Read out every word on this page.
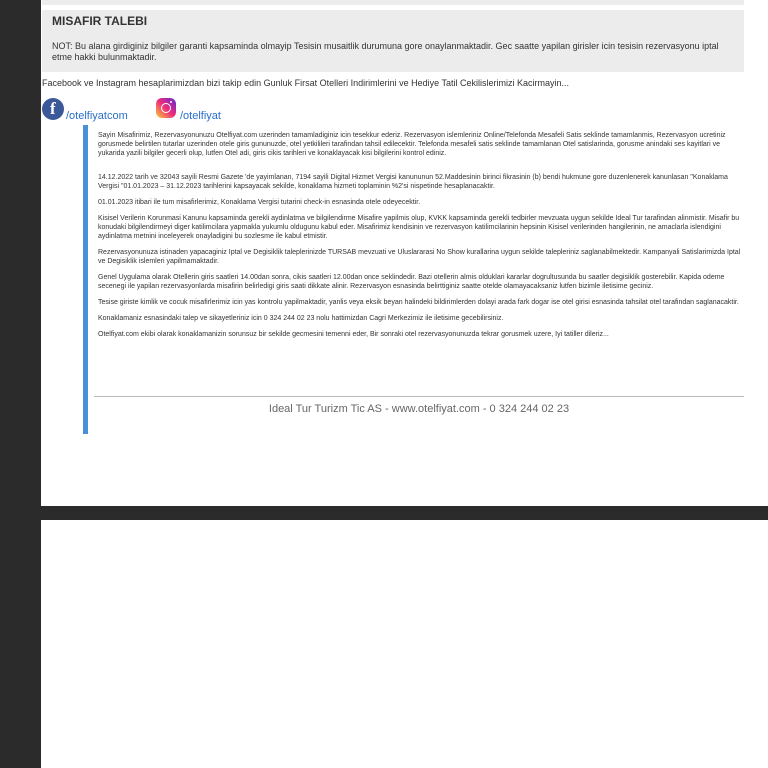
MISAFIR TALEBI
NOT: Bu alana girdiginiz bilgiler garanti kapsaminda olmayip Tesisin musaitlik durumuna gore onaylanmaktadir. Gec saatte yapilan girisler icin tesisin rezervasyonu iptal etme hakki bulunmaktadir.
Facebook ve Instagram hesaplarimizdan bizi takip edin Gunluk Firsat Otelleri Indirimlerini ve Hediye Tatil Cekilislerimizi Kacirmayin...
f /otelfiyatcom	/otelfiyat

Sayin Misafirimiz, Rezervasyonunuzu Otelfiyat.com uzerinden tamamladiginiz icin tesekkur ederiz. Rezervasyon islemleriniz Online/Telefonda Mesafeli Satis seklinde tamamlanmis, Rezervasyon ucretiniz gorusmede belirtilen tutarlar uzerinden otele giris gununuzde, otel yetkilileri tarafindan tahsil edilecektir. Telefonda mesafeli satis seklinde tamamlanan Otel satislarinda, gorusme anindaki ses kayitlari ve yukarida yazili bilgiler gecerli olup, lutfen Otel adi, giris cikis tarihleri ve konaklayacak kisi bilgilerini kontrol ediniz.

14.12.2022 tarih ve 32043 sayili Resmi Gazete 'de yayimlanan, 7194 sayili Digital Hizmet Vergisi kanununun 52.Maddesinin birinci fikrasinin (b) bendi hukmune gore duzenlenerek kanunlasan "Konaklama Vergisi "01.01.2023 – 31.12.2023 tarihlerini kapsayacak sekilde, konaklama hizmeti toplaminin %2'si nispetinde hesaplanacaktir.

01.01.2023 itibari ile tum misafirlerimiz, Konaklama Vergisi tutarini check-in esnasinda otele odeyecektir.

Kisisel Verilerin Korunmasi Kanunu kapsaminda gerekli aydinlatma ve bilgilendirme Misafire yapilmis olup, KVKK kapsaminda gerekli tedbirler mevzuata uygun sekilde Ideal Tur tarafindan alinmistir. Misafir bu konudaki bilgilendirmeyi diger katilimcilara yapmakla yukumlu oldugunu kabul eder. Misafirimiz kendisinin ve rezervasyon katilimcilarinin hepsinin Kisisel verilerinden hangilerinin, ne amaclarla islendigini aydinlatma metnini inceleyerek onayladigini bu sozlesme ile kabul etmistir.

Rezervasyonunuza istinaden yapacaginiz Iptal ve Degisiklik taleplerinizde TURSAB mevzuati ve Uluslararasi No Show kurallarina uygun sekilde talepleriniz saglanabilmektedir. Kampanyali Satislarimizda Iptal ve Degisiklik islemleri yapilmamaktadir.

Genel Uygulama olarak Otellerin giris saatleri 14.00dan sonra, cikis saatleri 12.00dan once seklindedir. Bazi otellerin almis olduklari kararlar dogrultusunda bu saatler degisiklik gosterebilir. Kapida odeme secenegi ile yapilan rezervasyonlarda misafirin belirledigi giris saati dikkate alinir. Rezervasyon esnasinda belirttiginiz saatte otelde olamayacaksaniz lutfen bizimle iletisime geciniz.

Tesise giriste kimlik ve cocuk misafirlerimiz icin yas kontrolu yapilmaktadir, yanlis veya eksik beyan halindeki bildirimlerden dolayi arada fark dogar ise otel girisi esnasinda tahsilat otel tarafindan saglanacaktir.

Konaklamaniz esnasindaki talep ve sikayetleriniz icin 0 324 244 02 23 nolu hattimizdan Cagri Merkezimiz ile iletisime gecebilirsiniz.

Otelfiyat.com ekibi olarak konaklamanizin sorunsuz bir sekilde gecmesini temenni eder, Bir sonraki otel rezervasyonunuzda tekrar gorusmek uzere, Iyi tatiller dileriz...

Ideal Tur Turizm Tic AS - www.otelfiyat.com - 0 324 244 02 23
